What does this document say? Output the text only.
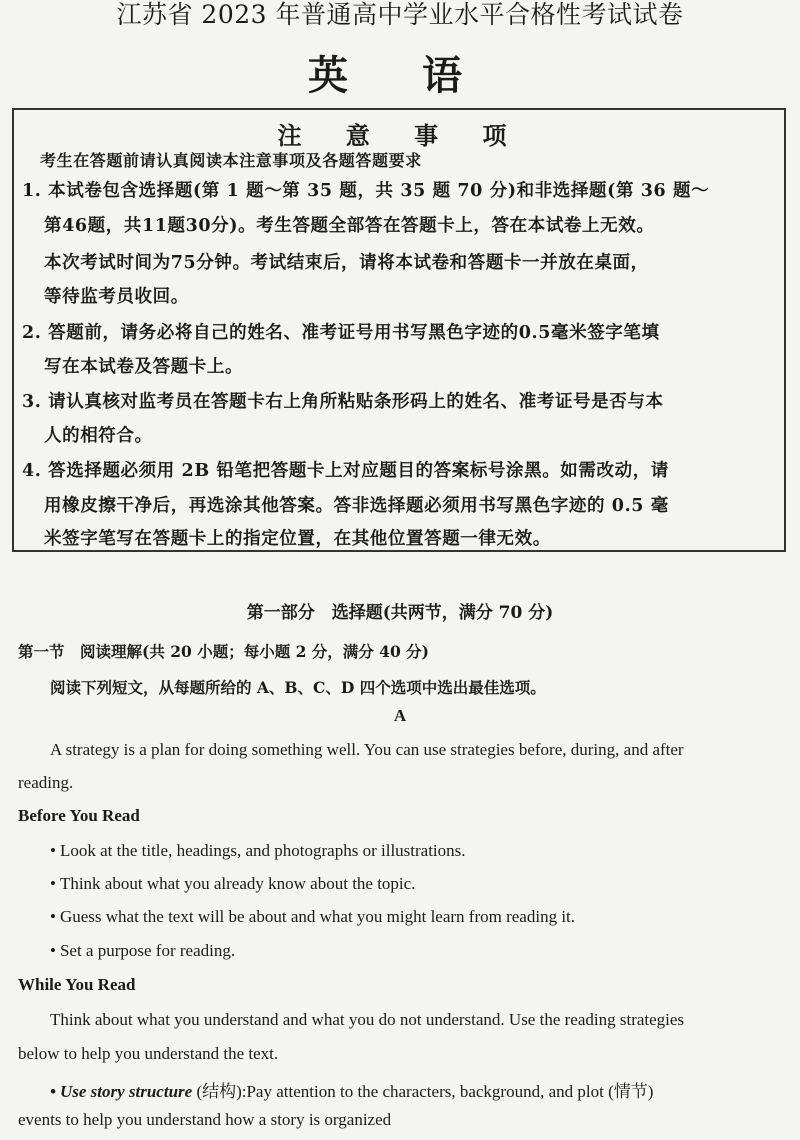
江苏省 2023 年普通高中学业水平合格性考试试卷
英 语
注 意 事 项
考生在答题前请认真阅读本注意事项及各题答题要求
1. 本试卷包含选择题(第 1 题～第 35 题，共 35 题 70 分)和非选择题(第 36 题～
第46题，共11题30分)。考生答题全部答在答题卡上，答在本试卷上无效。
本次考试时间为75分钟。考试结束后，请将本试卷和答题卡一并放在桌面，
等待监考员收回。
2. 答题前，请务必将自己的姓名、准考证号用书写黑色字迹的0.5毫米签字笔填
写在本试卷及答题卡上。
3. 请认真核对监考员在答题卡右上角所粘贴条形码上的姓名、准考证号是否与本
人的相符合。
4. 答选择题必须用 2B 铅笔把答题卡上对应题目的答案标号涂黑。如需改动，请
用橡皮擦干净后，再选涂其他答案。答非选择题必须用书写黑色字迹的 0.5 毫
米签字笔写在答题卡上的指定位置，在其他位置答题一律无效。
第一部分　选择题(共两节，满分 70 分)
第一节　阅读理解(共 20 小题；每小题 2 分，满分 40 分)
阅读下列短文，从每题所给的 A、B、C、D 四个选项中选出最佳选项。
A
A strategy is a plan for doing something well. You can use strategies before, during, and after
reading.
Before You Read
• Look at the title, headings, and photographs or illustrations.
• Think about what you already know about the topic.
• Guess what the text will be about and what you might learn from reading it.
• Set a purpose for reading.
While You Read
Think about what you understand and what you do not understand. Use the reading strategies
below to help you understand the text.
• Use story structure (结构):Pay attention to the characters, background, and plot (情节)
events to help you understand how a story is organized
